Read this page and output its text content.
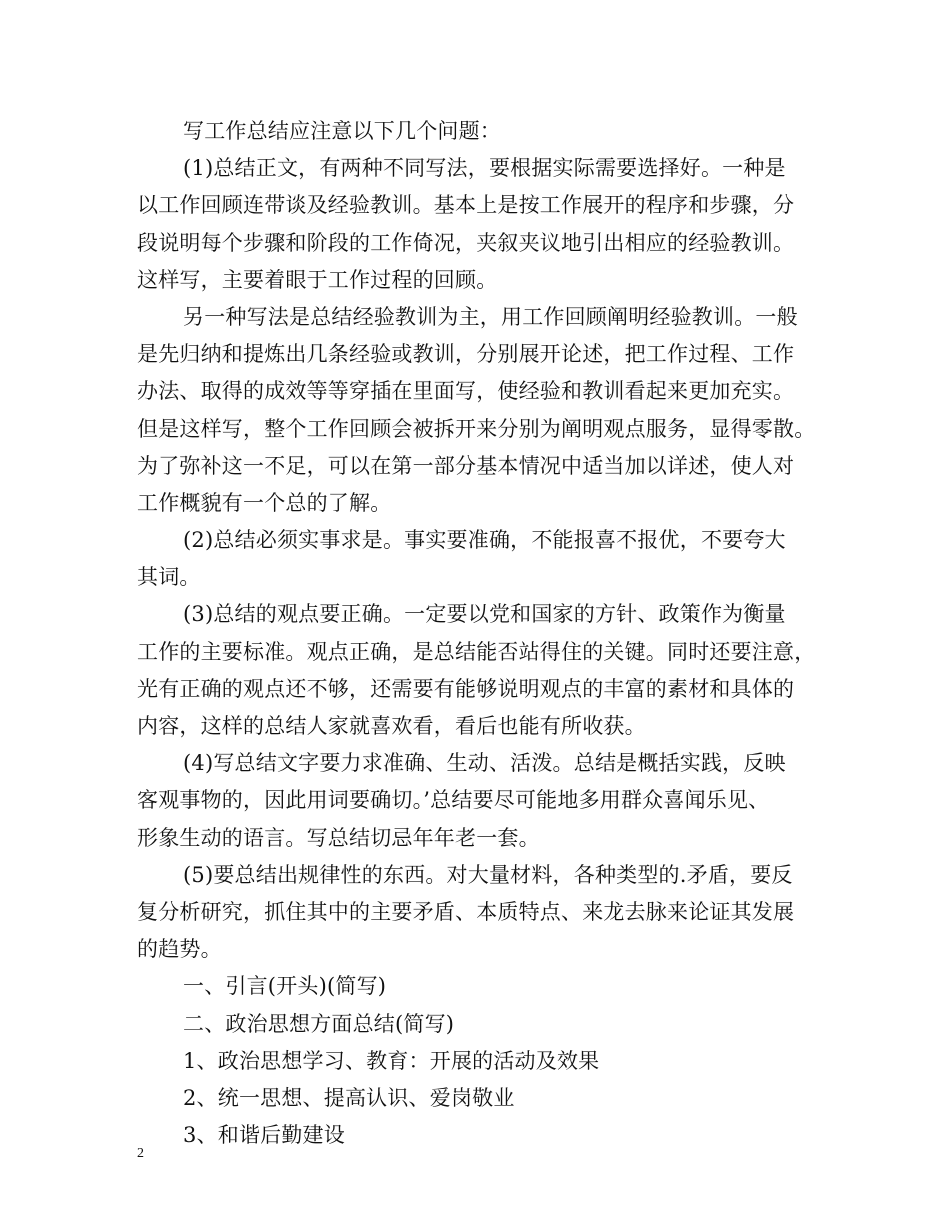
写工作总结应注意以下几个问题：
(1)总结正文，有两种不同写法，要根据实际需要选择好。一种是
以工作回顾连带谈及经验教训。基本上是按工作展开的程序和步骤，分
段说明每个步骤和阶段的工作倚况，夹叙夹议地引出相应的经验教训。
这样写，主要着眼于工作过程的回顾。
另一种写法是总结经验教训为主，用工作回顾阐明经验教训。一般
是先归纳和提炼出几条经验或教训，分别展开论述，把工作过程、工作
办法、取得的成效等等穿插在里面写，使经验和教训看起来更加充实。
但是这样写，整个工作回顾会被拆开来分别为阐明观点服务，显得零散。
为了弥补这一不足，可以在第一部分基本情况中适当加以详述，使人对
工作概貌有一个总的了解。
(2)总结必须实事求是。事实要准确，不能报喜不报优，不要夸大
其词。
(3)总结的观点要正确。一定要以党和国家的方针、政策作为衡量
工作的主要标准。观点正确，是总结能否站得住的关键。同时还要注意，
光有正确的观点还不够，还需要有能够说明观点的丰富的素材和具体的
内容，这样的总结人家就喜欢看，看后也能有所收获。
(4)写总结文字要力求准确、生动、活泼。总结是概括实践，反映
客观事物的，因此用词要确切。’总结要尽可能地多用群众喜闻乐见、
形象生动的语言。写总结切忌年年老一套。
(5)要总结出规律性的东西。对大量材料，各种类型的.矛盾，要反
复分析研究，抓住其中的主要矛盾、本质特点、来龙去脉来论证其发展
的趋势。
一、引言(开头)(简写)
二、政治思想方面总结(简写)
1、政治思想学习、教育：开展的活动及效果
2、统一思想、提高认识、爱岗敬业
3、和谐后勤建设
2
